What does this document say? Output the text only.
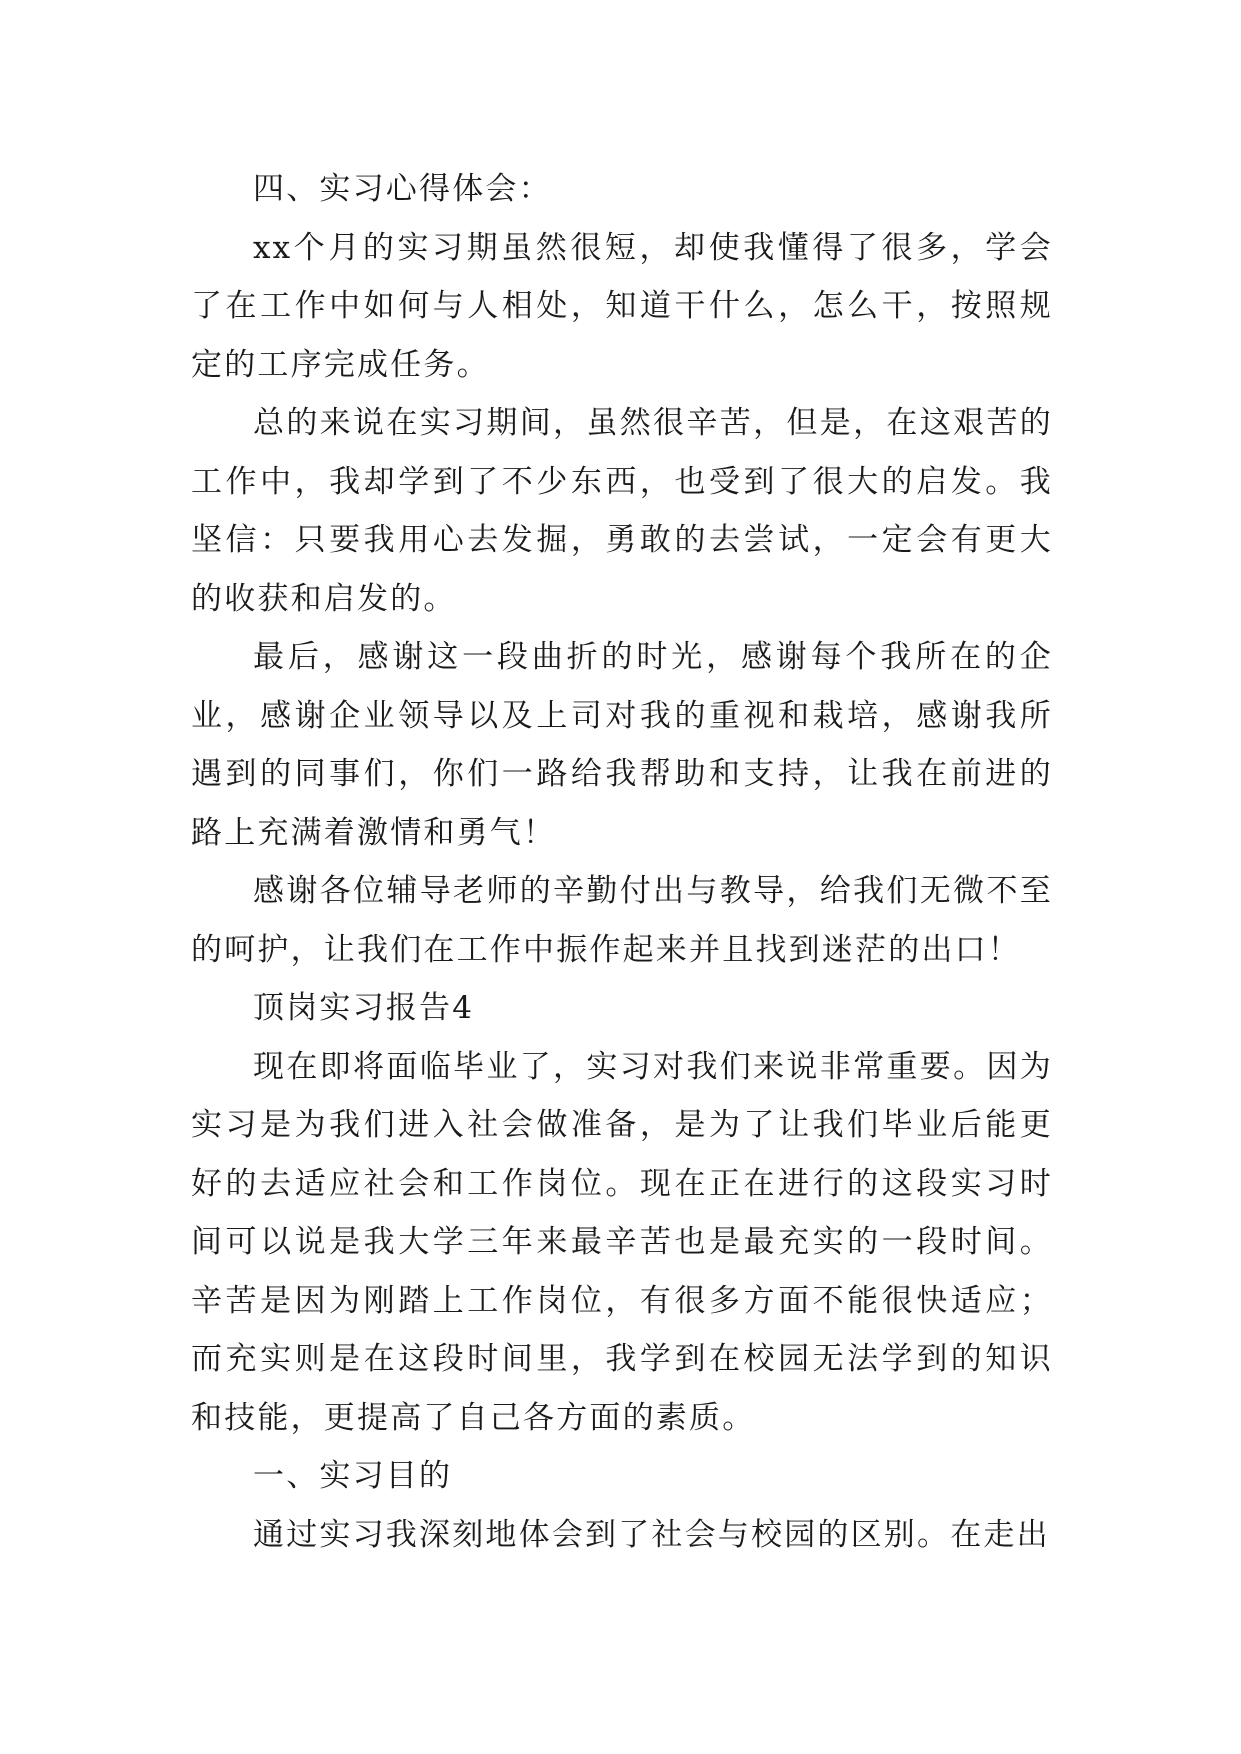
四、实习心得体会：

xx个月的实习期虽然很短，却使我懂得了很多，学会了在工作中如何与人相处，知道干什么，怎么干，按照规定的工序完成任务。

总的来说在实习期间，虽然很辛苦，但是，在这艰苦的工作中，我却学到了不少东西，也受到了很大的启发。我坚信：只要我用心去发掘，勇敢的去尝试，一定会有更大的收获和启发的。

最后，感谢这一段曲折的时光，感谢每个我所在的企业，感谢企业领导以及上司对我的重视和栽培，感谢我所遇到的同事们，你们一路给我帮助和支持，让我在前进的路上充满着激情和勇气！

感谢各位辅导老师的辛勤付出与教导，给我们无微不至的呵护，让我们在工作中振作起来并且找到迷茫的出口！

顶岗实习报告4

现在即将面临毕业了，实习对我们来说非常重要。因为实习是为我们进入社会做准备，是为了让我们毕业后能更好的去适应社会和工作岗位。现在正在进行的这段实习时间可以说是我大学三年来最辛苦也是最充实的一段时间。辛苦是因为刚踏上工作岗位，有很多方面不能很快适应；而充实则是在这段时间里，我学到在校园无法学到的知识和技能，更提高了自己各方面的素质。

一、实习目的

通过实习我深刻地体会到了社会与校园的区别。在走出
